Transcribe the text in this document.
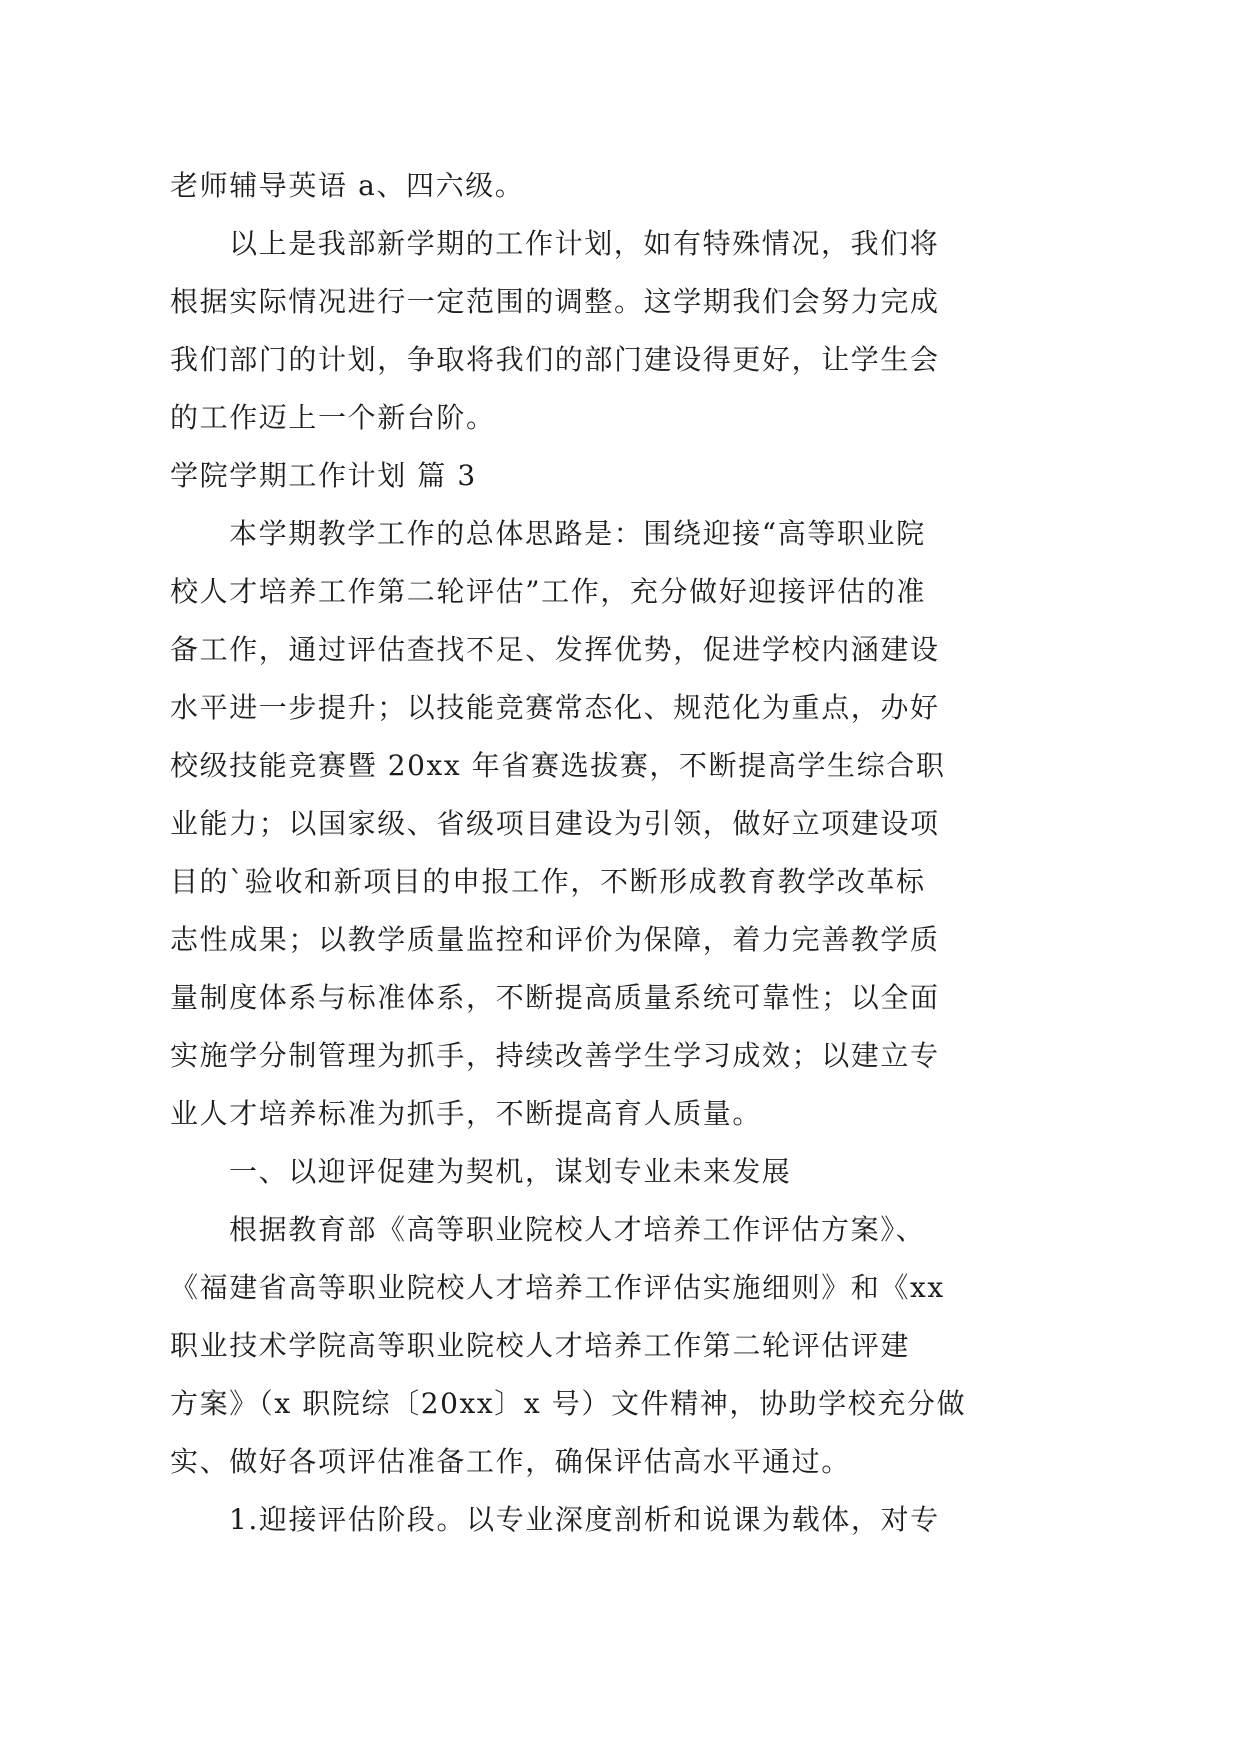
老师辅导英语 a、四六级。
以上是我部新学期的工作计划，如有特殊情况，我们将
根据实际情况进行一定范围的调整。这学期我们会努力完成
我们部门的计划，争取将我们的部门建设得更好，让学生会
的工作迈上一个新台阶。
学院学期工作计划 篇 3
本学期教学工作的总体思路是：围绕迎接“高等职业院
校人才培养工作第二轮评估”工作，充分做好迎接评估的准
备工作，通过评估查找不足、发挥优势，促进学校内涵建设
水平进一步提升；以技能竞赛常态化、规范化为重点，办好
校级技能竞赛暨 20xx 年省赛选拔赛，不断提高学生综合职
业能力；以国家级、省级项目建设为引领，做好立项建设项
目的`验收和新项目的申报工作，不断形成教育教学改革标
志性成果；以教学质量监控和评价为保障，着力完善教学质
量制度体系与标准体系，不断提高质量系统可靠性；以全面
实施学分制管理为抓手，持续改善学生学习成效；以建立专
业人才培养标准为抓手，不断提高育人质量。
一、以迎评促建为契机，谋划专业未来发展
根据教育部《高等职业院校人才培养工作评估方案》、
《福建省高等职业院校人才培养工作评估实施细则》和《xx
职业技术学院高等职业院校人才培养工作第二轮评估评建
方案》（x 职院综〔20xx〕x 号）文件精神，协助学校充分做
实、做好各项评估准备工作，确保评估高水平通过。
1.迎接评估阶段。以专业深度剖析和说课为载体，对专
